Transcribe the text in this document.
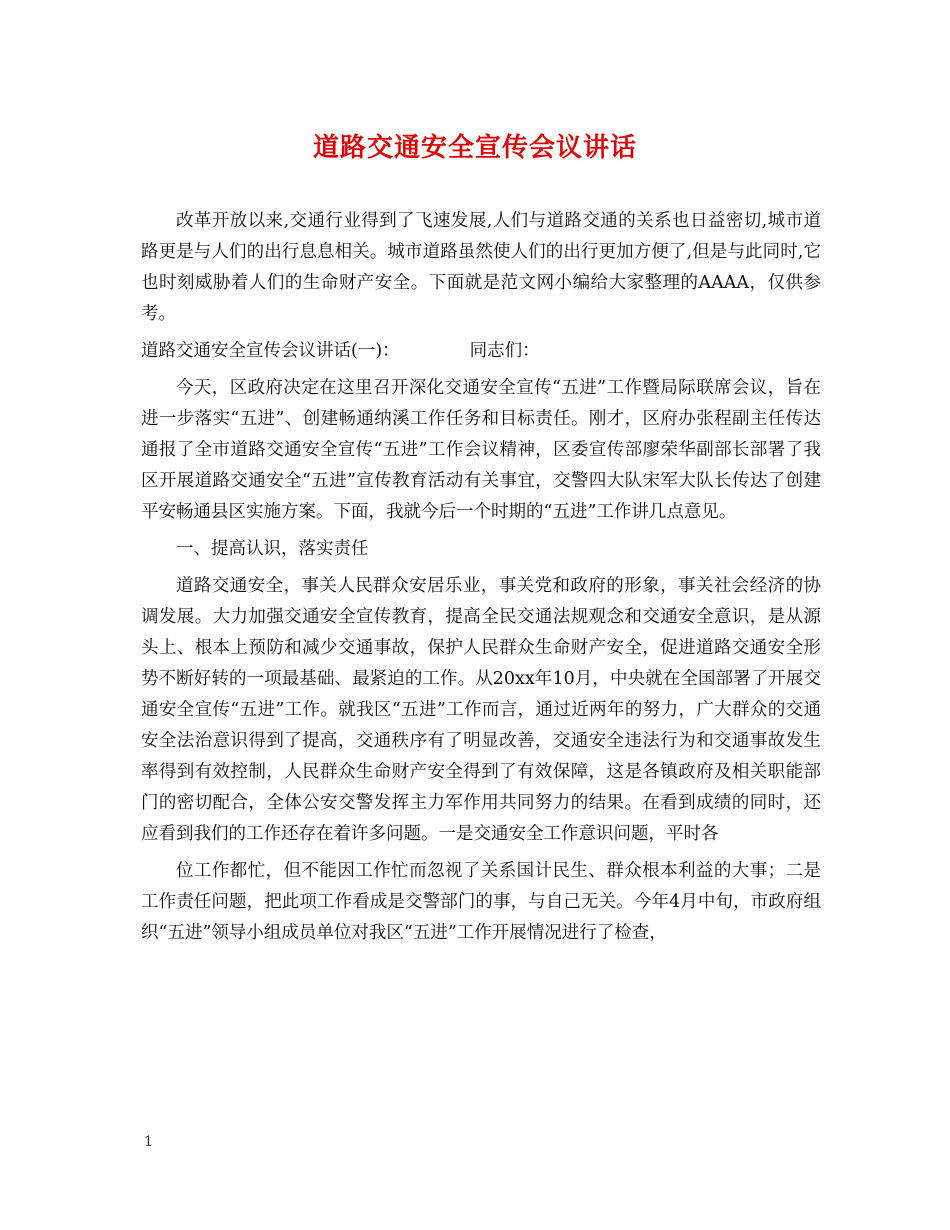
道路交通安全宣传会议讲话

改革开放以来,交通行业得到了飞速发展,人们与道路交通的关系也日益密切,城市道路更是与人们的出行息息相关。城市道路虽然使人们的出行更加方便了,但是与此同时,它也时刻威胁着人们的生命财产安全。下面就是范文网小编给大家整理的AAAA，仅供参考。

道路交通安全宣传会议讲话(一)：	同志们：

今天，区政府决定在这里召开深化交通安全宣传“五进”工作暨局际联席会议，旨在进一步落实“五进”、创建畅通纳溪工作任务和目标责任。刚才，区府办张程副主任传达通报了全市道路交通安全宣传“五进”工作会议精神，区委宣传部廖荣华副部长部署了我区开展道路交通安全“五进”宣传教育活动有关事宜，交警四大队宋军大队长传达了创建平安畅通县区实施方案。下面，我就今后一个时期的“五进”工作讲几点意见。

一、提高认识，落实责任

道路交通安全，事关人民群众安居乐业，事关党和政府的形象，事关社会经济的协调发展。大力加强交通安全宣传教育，提高全民交通法规观念和交通安全意识，是从源头上、根本上预防和减少交通事故，保护人民群众生命财产安全，促进道路交通安全形势不断好转的一项最基础、最紧迫的工作。从20xx年10月，中央就在全国部署了开展交通安全宣传“五进”工作。就我区“五进”工作而言，通过近两年的努力，广大群众的交通安全法治意识得到了提高，交通秩序有了明显改善，交通安全违法行为和交通事故发生率得到有效控制，人民群众生命财产安全得到了有效保障，这是各镇政府及相关职能部门的密切配合，全体公安交警发挥主力军作用共同努力的结果。在看到成绩的同时，还应看到我们的工作还存在着许多问题。一是交通安全工作意识问题，平时各

位工作都忙，但不能因工作忙而忽视了关系国计民生、群众根本利益的大事；二是工作责任问题，把此项工作看成是交警部门的事，与自己无关。今年4月中旬，市政府组织“五进”领导小组成员单位对我区“五进”工作开展情况进行了检查，

1
